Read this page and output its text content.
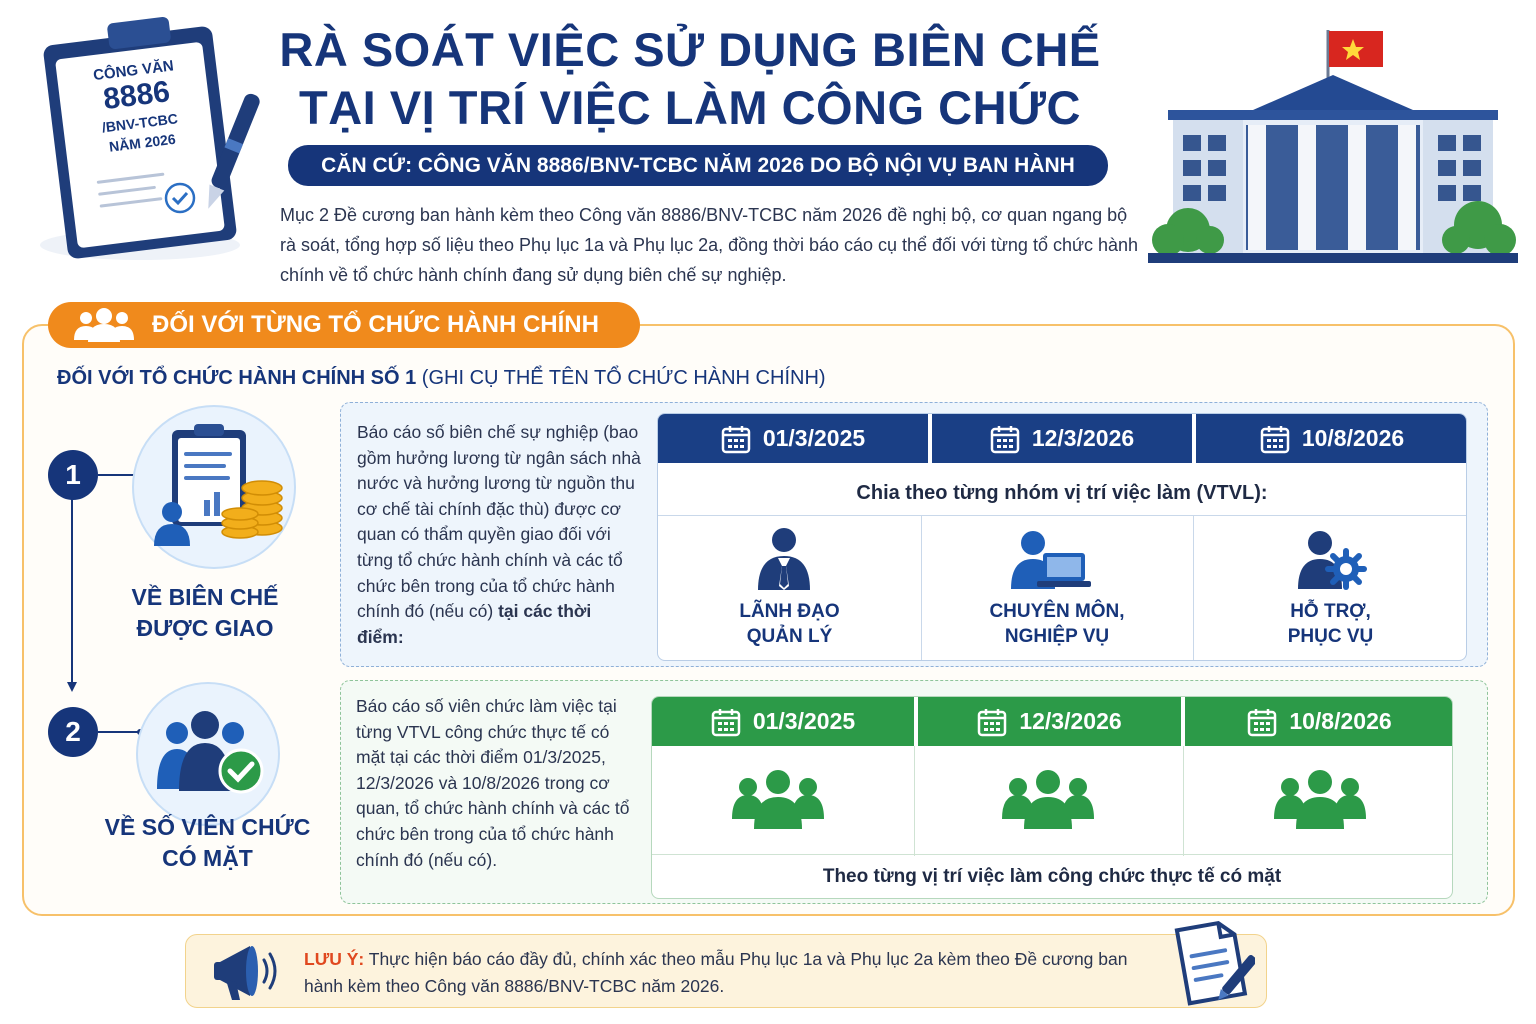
CÔNG VĂN
8886
/BNV-TCBC
NĂM 2026
RÀ SOÁT VIỆC SỬ DỤNG BIÊN CHẾ
TẠI VỊ TRÍ VIỆC LÀM CÔNG CHỨC
CĂN CỨ: CÔNG VĂN 8886/BNV-TCBC NĂM 2026 DO BỘ NỘI VỤ BAN HÀNH
Mục 2 Đề cương ban hành kèm theo Công văn 8886/BNV-TCBC năm 2026 đề nghị bộ, cơ quan ngang bộ rà soát, tổng hợp số liệu theo Phụ lục 1a và Phụ lục 2a, đồng thời báo cáo cụ thể đối với từng tổ chức hành chính về tổ chức hành chính đang sử dụng biên chế sự nghiệp.
ĐỐI VỚI TỪNG TỔ CHỨC HÀNH CHÍNH
ĐỐI VỚI TỔ CHỨC HÀNH CHÍNH SỐ 1 (GHI CỤ THỂ TÊN TỔ CHỨC HÀNH CHÍNH)
1
VỀ BIÊN CHẾ
ĐƯỢC GIAO
Báo cáo số biên chế sự nghiệp (bao gồm hưởng lương từ ngân sách nhà nước và hưởng lương từ nguồn thu cơ chế tài chính đặc thù) được cơ quan có thẩm quyền giao đối với từng tổ chức hành chính và các tổ chức bên trong của tổ chức hành chính đó (nếu có) tại các thời điểm:
01/3/2025	12/3/2026	10/8/2026
Chia theo từng nhóm vị trí việc làm (VTVL):
LÃNH ĐẠO
QUẢN LÝ
CHUYÊN MÔN,
NGHIỆP VỤ
HỖ TRỢ,
PHỤC VỤ
2
VỀ SỐ VIÊN CHỨC
CÓ MẶT
Báo cáo số viên chức làm việc tại từng VTVL công chức thực tế có mặt tại các thời điểm 01/3/2025, 12/3/2026 và 10/8/2026 trong cơ quan, tổ chức hành chính và các tổ chức bên trong của tổ chức hành chính đó (nếu có).
01/3/2025	12/3/2026	10/8/2026
Theo từng vị trí việc làm công chức thực tế có mặt
LƯU Ý: Thực hiện báo cáo đầy đủ, chính xác theo mẫu Phụ lục 1a và Phụ lục 2a kèm theo Đề cương ban hành kèm theo Công văn 8886/BNV-TCBC năm 2026.
